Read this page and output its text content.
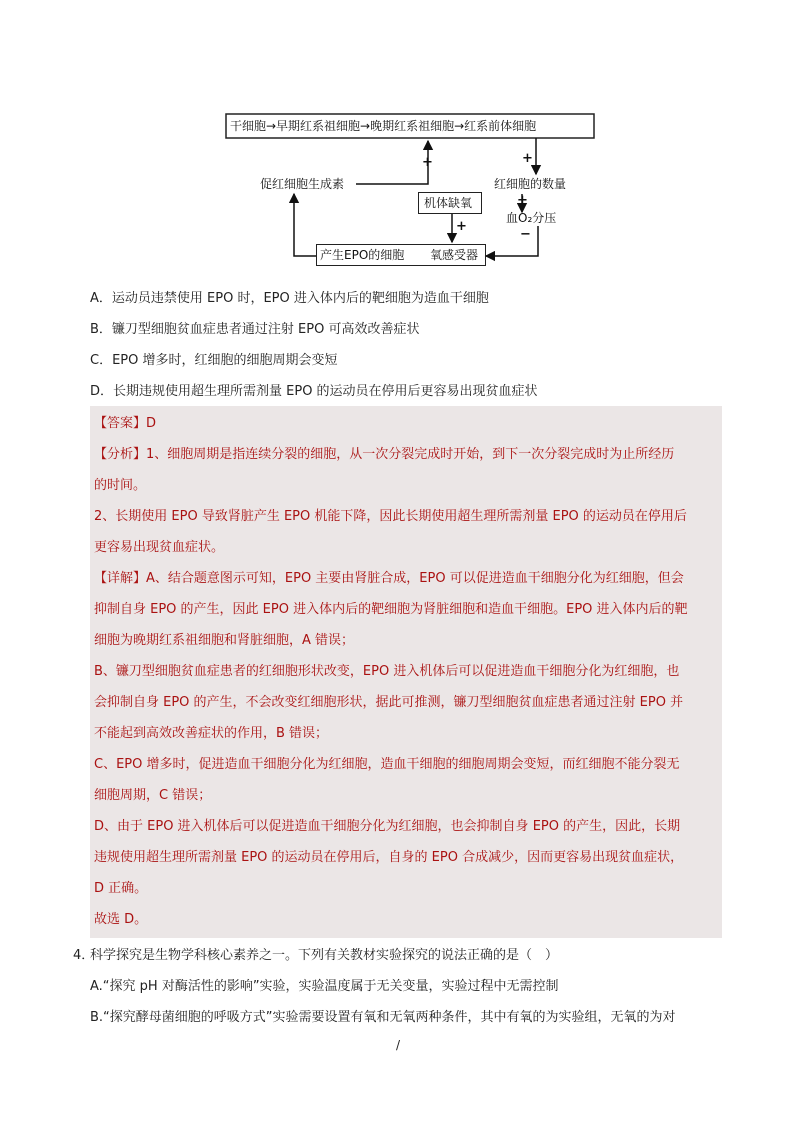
干细胞→早期红系祖细胞→晚期红系祖细胞→红系前体细胞
+	+
促红细胞生成素	红细胞的数量
机体缺氧	+
血O₂分压
+
−
产生EPO的细胞 氧感受器
A．运动员违禁使用 EPO 时，EPO 进入体内后的靶细胞为造血干细胞
B．镰刀型细胞贫血症患者通过注射 EPO 可高效改善症状
C．EPO 增多时，红细胞的细胞周期会变短
D．长期违规使用超生理所需剂量 EPO 的运动员在停用后更容易出现贫血症状
【答案】D
【分析】1、细胞周期是指连续分裂的细胞，从一次分裂完成时开始，到下一次分裂完成时为止所经历
的时间。
2、长期使用 EPO 导致肾脏产生 EPO 机能下降，因此长期使用超生理所需剂量 EPO 的运动员在停用后
更容易出现贫血症状。
【详解】A、结合题意图示可知，EPO 主要由肾脏合成，EPO 可以促进造血干细胞分化为红细胞，但会
抑制自身 EPO 的产生，因此 EPO 进入体内后的靶细胞为肾脏细胞和造血干细胞。EPO 进入体内后的靶
细胞为晚期红系祖细胞和肾脏细胞，A 错误；
B、镰刀型细胞贫血症患者的红细胞形状改变，EPO 进入机体后可以促进造血干细胞分化为红细胞，也
会抑制自身 EPO 的产生，不会改变红细胞形状，据此可推测，镰刀型细胞贫血症患者通过注射 EPO 并
不能起到高效改善症状的作用，B 错误；
C、EPO 增多时，促进造血干细胞分化为红细胞，造血干细胞的细胞周期会变短，而红细胞不能分裂无
细胞周期，C 错误；
D、由于 EPO 进入机体后可以促进造血干细胞分化为红细胞，也会抑制自身 EPO 的产生，因此，长期
违规使用超生理所需剂量 EPO 的运动员在停用后，自身的 EPO 合成减少，因而更容易出现贫血症状，
D 正确。
故选 D。
4．
科学探究是生物学科核心素养之一。下列有关教材实验探究的说法正确的是（　）
A.“探究 pH 对酶活性的影响”实验，实验温度属于无关变量，实验过程中无需控制
B.“探究酵母菌细胞的呼吸方式”实验需要设置有氧和无氧两种条件，其中有氧的为实验组，无氧的为对
/
